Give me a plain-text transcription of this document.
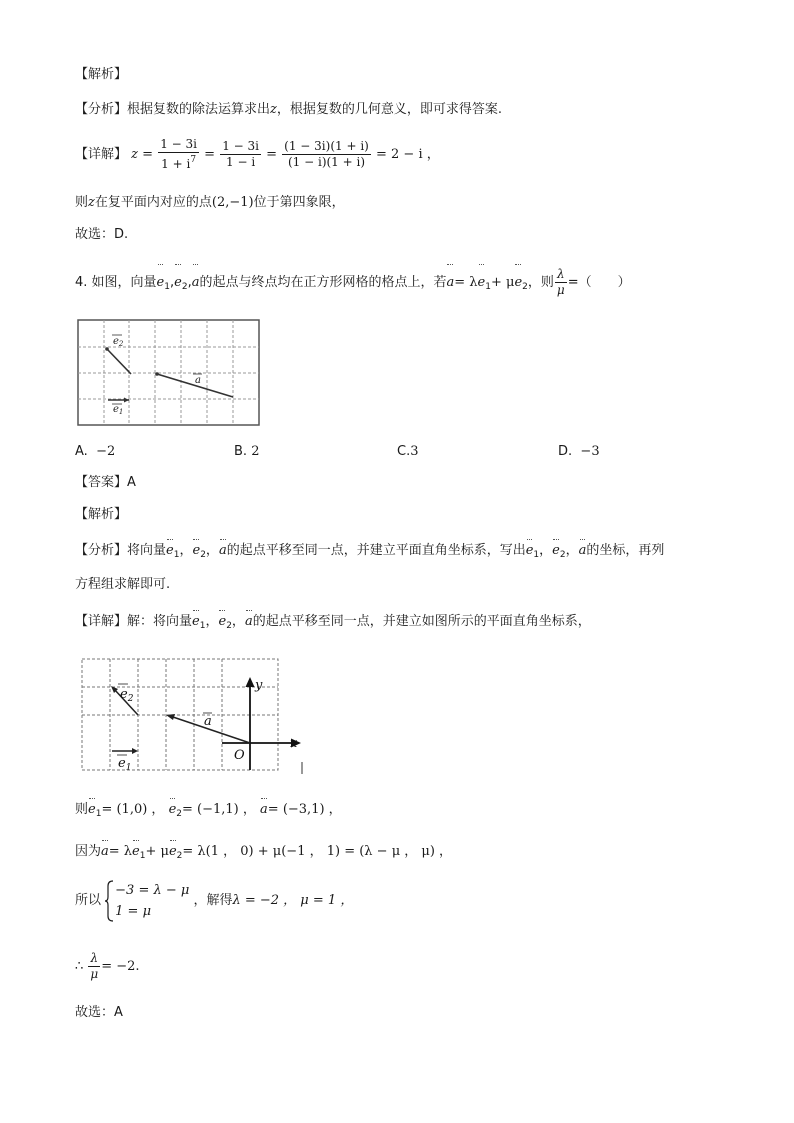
【解析】
【分析】根据复数的除法运算求出z，根据复数的几何意义，即可求得答案.
【详解】 $z = \frac{1 - 3i}{1 + i^7} = \frac{1 - 3i}{1 - i} = \frac{(1 - 3i)(1 + i)}{(1 - i)(1 + i)} = 2 - i$ ，
则z在复平面内对应的点(2,−1)位于第四象限，
故选：D.
4. 如图，向量$e_1,e_2,a$的起点与终点均在正方形网格的格点上，若$a= \lambda e_1+ \mu e_2$，则 $\frac{\lambda}{\mu}$ =（　　）
$e_2$
a
$e_1$
A. −2	B. 2	C.3	D. −3
【答案】A
【解析】
【分析】将向量$e_1$，$e_2$，a的起点平移至同一点，并建立平面直角坐标系，写出$e_1$，$e_2$，a的坐标，再列
方程组求解即可.
【详解】解：将向量$e_1$，$e_2$，a的起点平移至同一点，并建立如图所示的平面直角坐标系，
$e_2$
a
$e_1$
x
y
O
则$e_1= (1,0)$ ， $e_2= (-1,1)$ ， a= (−3,1) ，
因为$a= \lambda e_1+ \mu e_2= \lambda(1$ ， 0) + μ(−1 ， 1) = (λ − μ ， μ) ，
所以
−3 = λ − μ
1 = μ
，解得λ = −2 ， μ = 1 ，
∴ $\frac{\lambda}{\mu} = -2$.
故选：A
